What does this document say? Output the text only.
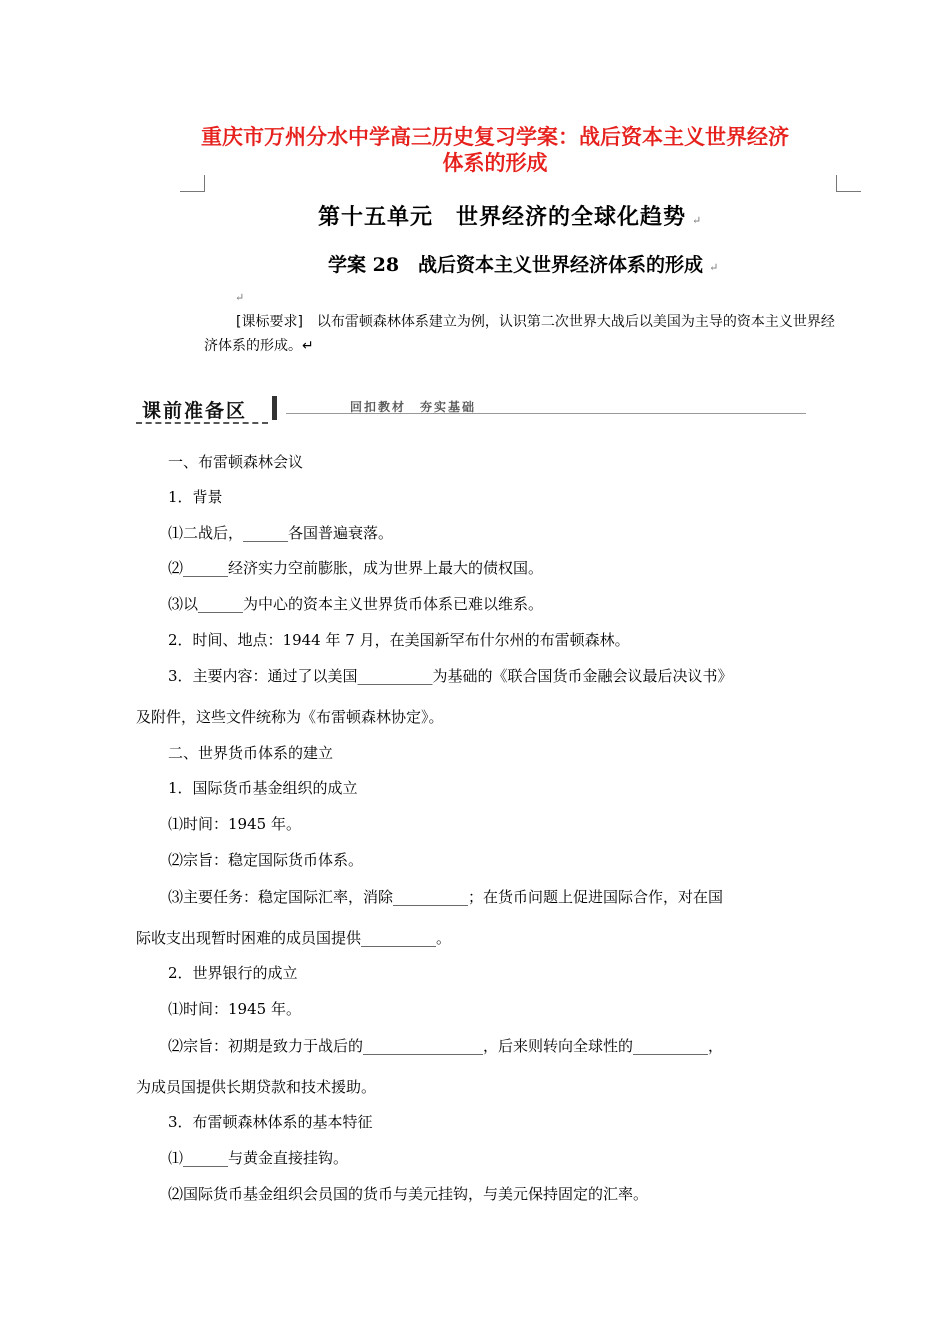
重庆市万州分水中学高三历史复习学案：战后资本主义世界经济
体系的形成
第十五单元　世界经济的全球化趋势 ↵
学案 28　战后资本主义世界经济体系的形成 ↵
↵
[课标要求]　以布雷顿森林体系建立为例，认识第二次世界大战后以美国为主导的资本主义世界经济体系的形成。↵
课前准备区	回扣教材　夯实基础
一、布雷顿森林会议
1．背景
⑴二战后，______各国普遍衰落。
⑵______经济实力空前膨胀，成为世界上最大的债权国。
⑶以______为中心的资本主义世界货币体系已难以维系。
2．时间、地点：1944 年 7 月，在美国新罕布什尔州的布雷顿森林。
3．主要内容：通过了以美国__________为基础的《联合国货币金融会议最后决议书》
及附件，这些文件统称为《布雷顿森林协定》。
二、世界货币体系的建立
1．国际货币基金组织的成立
⑴时间：1945 年。
⑵宗旨：稳定国际货币体系。
⑶主要任务：稳定国际汇率，消除__________；在货币问题上促进国际合作，对在国
际收支出现暂时困难的成员国提供__________。
2．世界银行的成立
⑴时间：1945 年。
⑵宗旨：初期是致力于战后的________________，后来则转向全球性的__________，
为成员国提供长期贷款和技术援助。
3．布雷顿森林体系的基本特征
⑴______与黄金直接挂钩。
⑵国际货币基金组织会员国的货币与美元挂钩，与美元保持固定的汇率。
